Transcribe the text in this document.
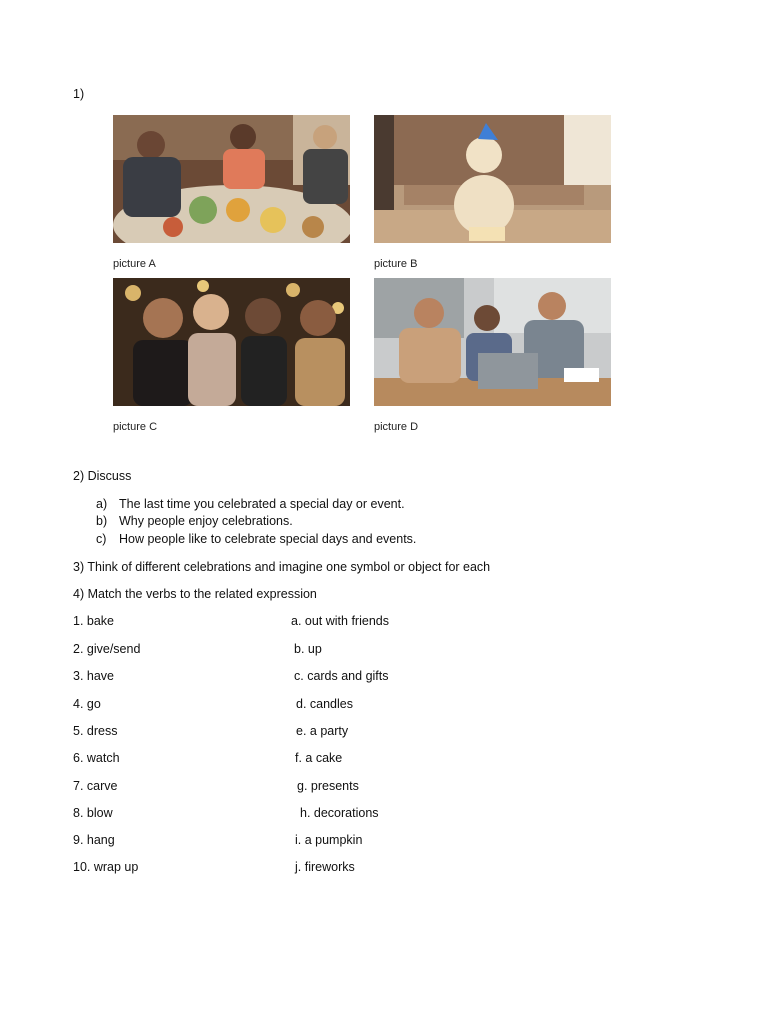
1)
picture A	picture B
picture C	picture D
2) Discuss
a) The last time you celebrated a special day or event.
b) Why people enjoy celebrations.
c) How people like to celebrate special days and events.
3) Think of different celebrations and imagine one symbol or object for each
4) Match the verbs to the related expression
1. bake
2. give/send
3. have
4. go
5. dress
6. watch
7. carve
8. blow
9. hang
10. wrap up
a. out with friends
b. up
c. cards and gifts
d. candles
e. a party
f. a cake
g. presents
h. decorations
i. a pumpkin
j. fireworks
